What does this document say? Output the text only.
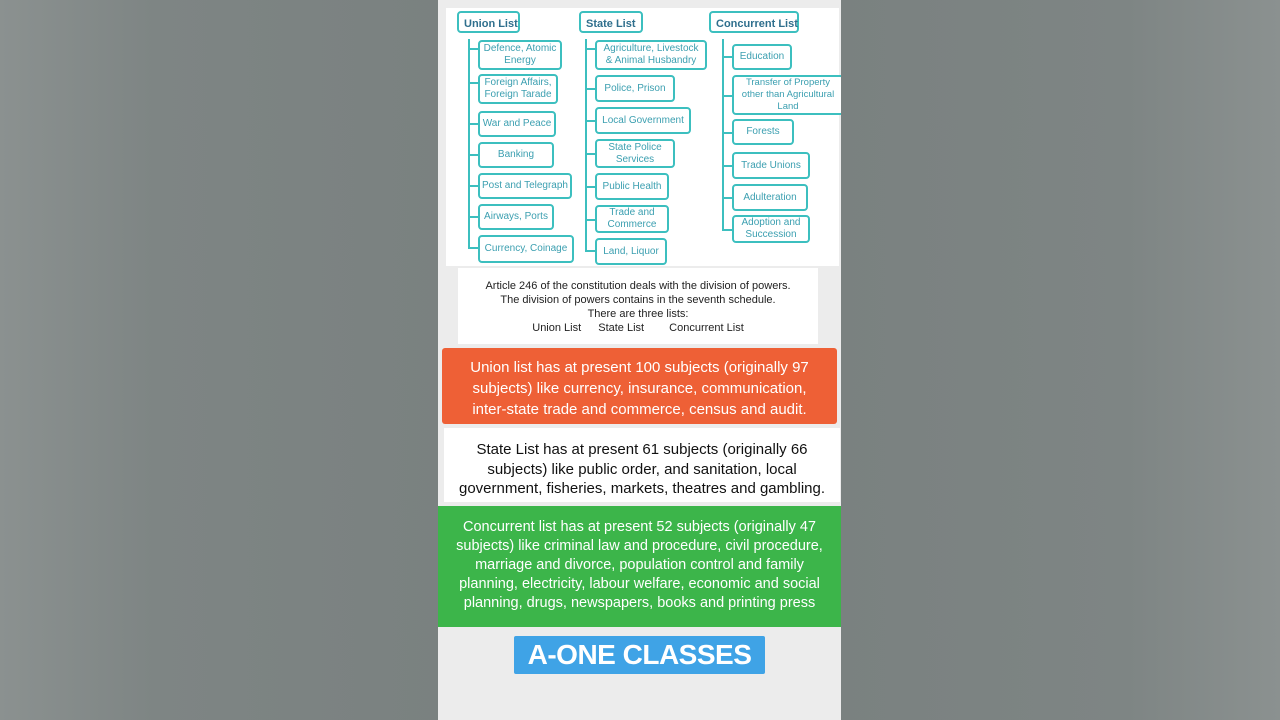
Union List	State List	Concurrent List
Defence, Atomic Energy
Foreign Affairs, Foreign Tarade
War and Peace
Banking
Post and Telegraph
Airways, Ports
Currency, Coinage
Agriculture, Livestock & Animal Husbandry
Police, Prison
Local Government
State Police Services
Public Health
Trade and Commerce
Land, Liquor
Education
Transfer of Property other than Agricultural Land
Forests
Trade Unions
Adulteration
Adoption and Succession
Article 246 of the constitution deals with the division of powers.
The division of powers contains in the seventh schedule.
There are three lists:
Union List State List Concurrent List
Union list has at present 100 subjects (originally 97
subjects) like currency, insurance, communication,
inter-state trade and commerce, census and audit.
State List has at present 61 subjects (originally 66
subjects) like public order, and sanitation, local
government, fisheries, markets, theatres and gambling.
Concurrent list has at present 52 subjects (originally 47
subjects) like criminal law and procedure, civil procedure,
marriage and divorce, population control and family
planning, electricity, labour welfare, economic and social
planning, drugs, newspapers, books and printing press
A-ONE CLASSES
